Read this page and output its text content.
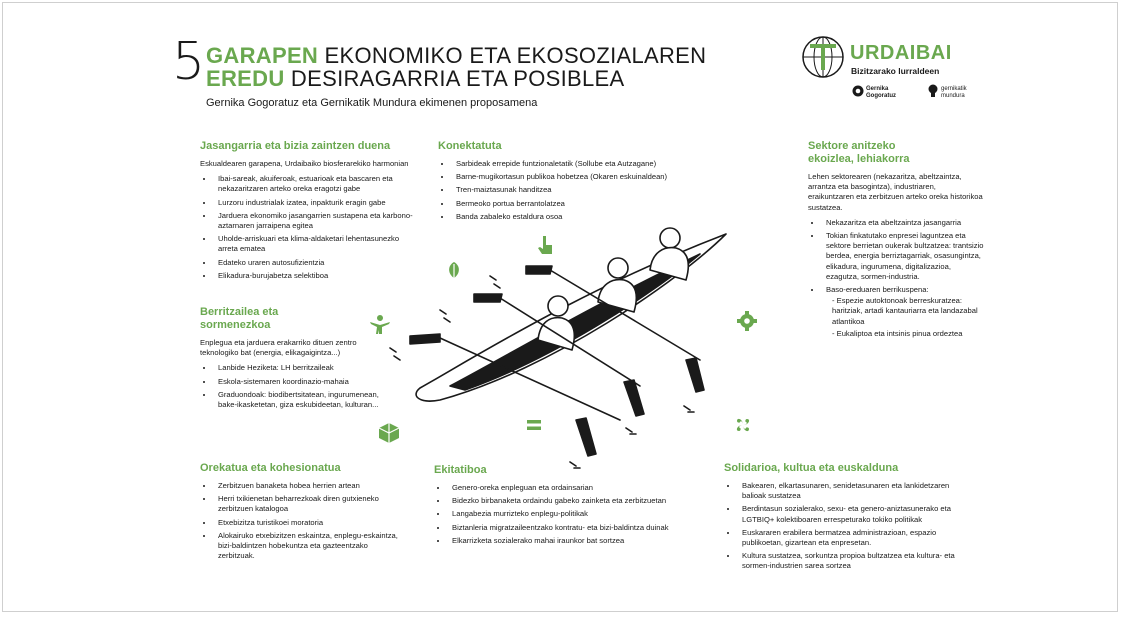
5 GARAPEN EKONOMIKO ETA EKOSOZIALAREN
EREDU DESIRAGARRIA ETA POSIBLEA
Gernika Gogoratuz eta Gernikatik Mundura ekimenen proposamena
URDAIBAI
Bizitzarako lurraldeen
Gernika Gogoratuz
gernikatik mundura
Jasangarria eta bizia zaintzen duena

Eskualdearen garapena, Urdaibaiko biosferarekiko harmonian

• Ibai-sareak, akuiferoak, estuarioak eta bascaren eta nekazaritzaren arteko oreka eragotzi gabe
• Lurzoru industrialak izatea, inpakturik eragin gabe
• Jarduera ekonomiko jasangarrien sustapena eta karbono-aztarnaren jarraipena egitea
• Uholde-arriskuari eta klima-aldaketari lehentasunezko arreta ematea
• Edateko uraren autosufizientzia
• Elikadura-burujabetza selektiboa
Konektatuta
• Sarbideak errepide funtzionaletatik (Sollube eta Autzagane)
• Barne-mugikortasun publikoa hobetzea (Okaren eskuinaldean)
• Tren-maiztasunak handitzea
• Bermeoko portua berrantolatzea
• Banda zabaleko estaldura osoa
Sektore anitzeko
ekoizlea, lehiakorra

Lehen sektorearen (nekazaritza, abeltzaintza, arrantza eta basogintza), industriaren, eraikuntzaren eta zerbitzuen arteko oreka historikoa sustatzea.

• Nekazaritza eta abeltzaintza jasangarria
• Tokian finkatutako enpresei laguntzea eta sektore berrietan oukerak bultzatzea: trantsizio berdea, energia berriztagarriak, osasungintza, elikadura, ingurumena, digitalizazioa, ezagutza, sormen-industria.
• Baso-ereduaren berrikuspena:
- Espezie autoktonoak berreskuratzea: haritziak, artadi kantauriarra eta landazabal atlantikoa
- Eukaliptoa eta intsinis pinua ordeztea
Berritzailea eta
sormenezkoa

Enplegua eta jarduera erakarriko dituen zentro teknologiko bat (energia, elikagaigintza...)

• Lanbide Heziketa: LH berritzaileak
• Eskola-sistemaren koordinazio-mahaia
• Graduondoak: biodibertsitatean, ingurumenean, bake-ikasketetan, giza eskubideetan, kulturan...
Orekatua eta kohesionatua
• Zerbitzuen banaketa hobea herrien artean
• Herri txikienetan beharrezkoak diren gutxieneko zerbitzuen katalogoa
• Etxebizitza turistikoei moratoria
• Alokairuko etxebizitzen eskaintza, enplegu-eskaintza, bizi-baldintzen hobekuntza eta gazteentzako zerbitzuak.
Ekitatiboa
• Genero-oreka enpleguan eta ordainsarian
• Bidezko birbanaketa ordaindu gabeko zainketa eta zerbitzuetan
• Langabezia murrizteko enplegu-politikak
• Biztanleria migratzaileentzako kontratu- eta bizi-baldintza duinak
• Elkarrizketa sozialerako mahai iraunkor bat sortzea
Solidarioa, kultua eta euskalduna
• Bakearen, elkartasunaren, senidetasunaren eta lankidetzaren balioak sustatzea
• Berdintasun sozialerako, sexu- eta genero-aniztasunerako eta LGTBIQ+ kolektiboaren errespeturako tokiko politikak
• Euskararen erabilera bermatzea administrazioan, espazio publikoetan, gizartean eta enpresetan.
• Kultura sustatzea, sorkuntza propioa bultzatzea eta kultura- eta sormen-industrien sarea sortzea
